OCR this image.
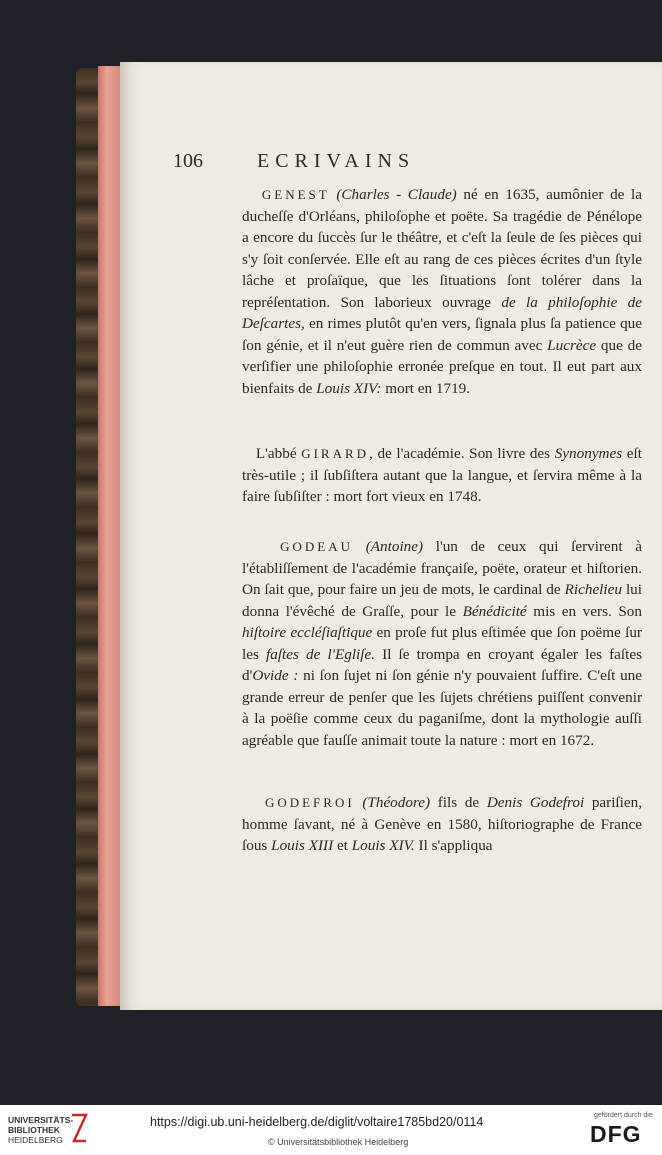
106	ECRIVAINS

GENEST (Charles - Claude) né en 1635, aumônier de la ducheſſe d'Orléans, philoſophe et poëte. Sa tragédie de Pénélope a encore du ſuccès ſur le théâtre, et c'eſt la ſeule de ſes pièces qui s'y ſoit conſervée. Elle eſt au rang de ces pièces écrites d'un ſtyle lâche et proſaïque, que les ſituations ſont tolérer dans la repréſentation. Son laborieux ouvrage de la philoſophie de Deſcartes, en rimes plutôt qu'en vers, ſignala plus ſa patience que ſon génie, et il n'eut guère rien de commun avec Lucrèce que de verſifier une philoſophie erronée preſque en tout. Il eut part aux bienfaits de Louis XIV: mort en 1719.

L'abbé GIRARD, de l'académie. Son livre des Synonymes eſt très-utile ; il ſubſiſtera autant que la langue, et ſervira même à la faire ſubſiſter : mort fort vieux en 1748.

GODEAU (Antoine) l'un de ceux qui ſervirent à l'établiſſement de l'académie françaiſe, poëte, orateur et hiſtorien. On ſait que, pour faire un jeu de mots, le cardinal de Richelieu lui donna l'évêché de Graſſe, pour le Bénédicité mis en vers. Son hiſtoire eccléſiaſtique en proſe fut plus eſtimée que ſon poëme ſur les faſtes de l'Egliſe. Il ſe trompa en croyant égaler les faſtes d'Ovide : ni ſon ſujet ni ſon génie n'y pouvaient ſuffire. C'eſt une grande erreur de penſer que les ſujets chrétiens puiſſent convenir à la poëſie comme ceux du paganiſme, dont la mythologie auſſi agréable que fauſſe animait toute la nature : mort en 1672.

GODEFROI (Théodore) fils de Denis Godefroi pariſien, homme ſavant, né à Genève en 1580, hiſtoriographe de France ſous Louis XIII et Louis XIV. Il s'appliqua

UNIVERSITÄTS-
BIBLIOTHEK
HEIDELBERG
https://digi.ub.uni-heidelberg.de/diglit/voltaire1785bd20/0114
© Universitätsbibliothek Heidelberg
gefördert durch die
DFG
